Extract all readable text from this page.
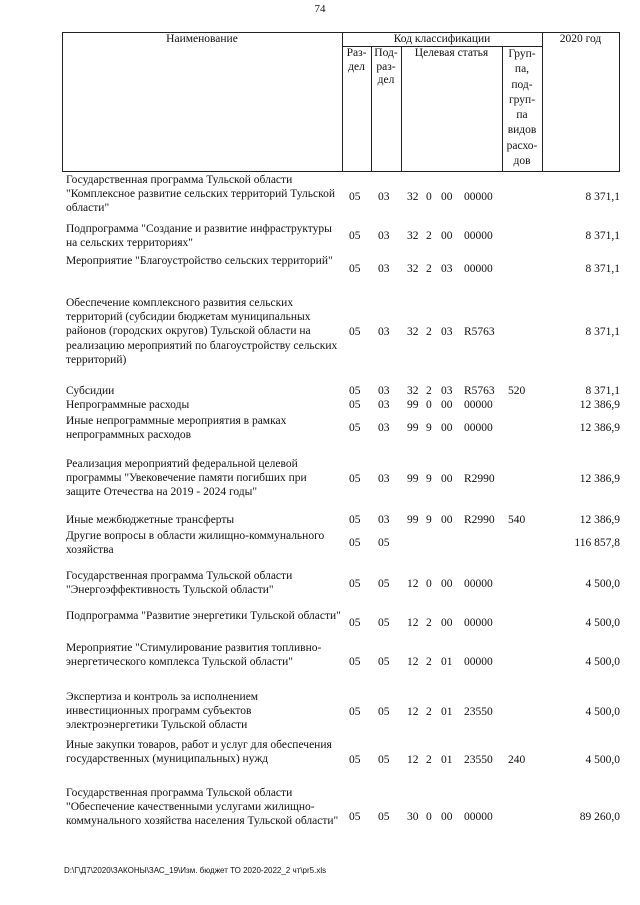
74
Наименование	Код классификации	2020 год
Раз-
дел
Под-
раз-
дел
Целевая статья	Груп-
па,
под-
груп-
па
видов
расхо-
дов
Государственная программа Тульской области "Комплексное развитие сельских территорий Тульской области"
05 03 32 0 00 00000	8 371,1
Подпрограмма "Создание и развитие инфраструктуры на сельских территориях"
05 03 32 2 00 00000	8 371,1
Мероприятие "Благоустройство сельских территорий"
05 03 32 2 03 00000	8 371,1
Обеспечение комплексного развития сельских территорий (субсидии бюджетам муниципальных районов (городских округов) Тульской области на реализацию мероприятий по благоустройству сельских территорий)
05 03 32 2 03 R5763	8 371,1
Субсидии	05 03 32 2 03 R5763 520	8 371,1
Непрограммные расходы	05 03 99 0 00 00000	12 386,9
Иные непрограммные мероприятия в рамках непрограммных расходов
05 03 99 9 00 00000	12 386,9
Реализация мероприятий федеральной целевой программы "Увековечение памяти погибших при защите Отечества на 2019 - 2024 годы"
05 03 99 9 00 R2990	12 386,9
Иные межбюджетные трансферты	05 03 99 9 00 R2990 540	12 386,9
Другие вопросы в области жилищно-коммунального хозяйства
05 05	116 857,8
Государственная программа Тульской области "Энергоэффективность Тульской области"
05 05 12 0 00 00000	4 500,0
Подпрограмма "Развитие энергетики Тульской области"
05 05 12 2 00 00000	4 500,0
Мероприятие "Стимулирование развития топливно-энергетического комплекса Тульской области"	05 05 12 2 01 00000	4 500,0
Экспертиза и контроль за исполнением инвестиционных программ субъектов электроэнергетики Тульской области
05 05 12 2 01 23550	4 500,0
Иные закупки товаров, работ и услуг для обеспечения государственных (муниципальных) нужд	05 05 12 2 01 23550 240	4 500,0
Государственная программа Тульской области "Обеспечение качественными услугами жилищно-коммунального хозяйства населения Тульской области" 05 05 30 0 00 00000	89 260,0
D:\Г\Д7\2020\ЗАКОНЫ\ЗАС_19\Изм. бюджет ТО 2020-2022_2 чт\pr5.xls
